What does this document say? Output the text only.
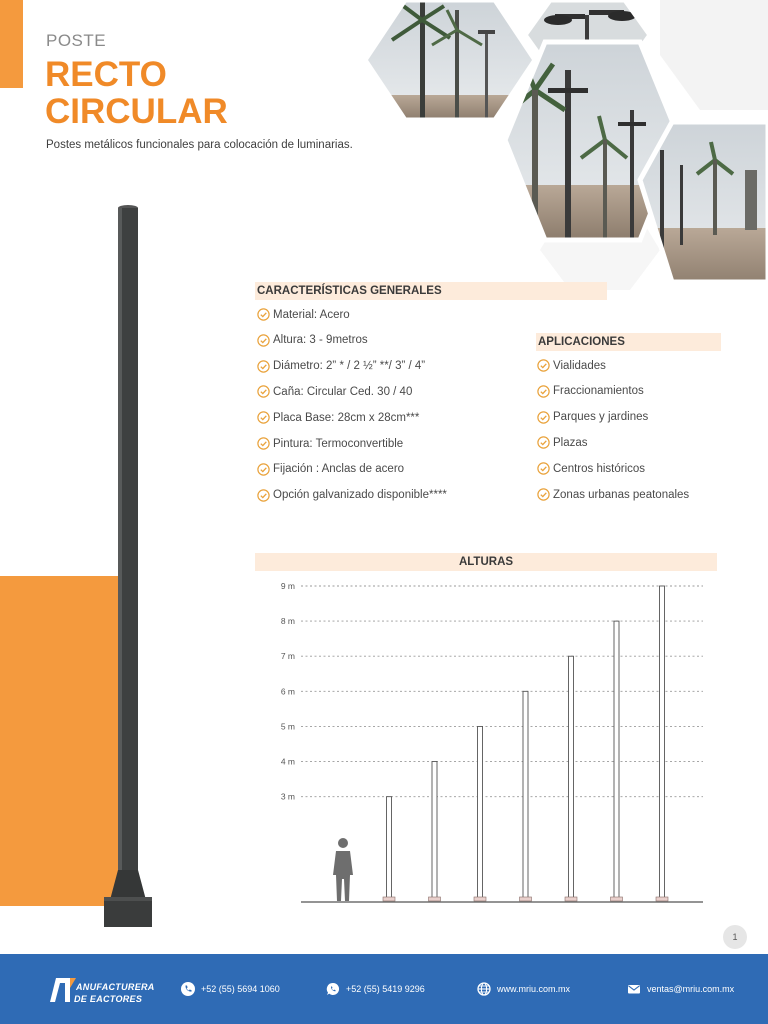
POSTE
RECTO
CIRCULAR
Postes metálicos funcionales para colocación de luminarias.
CARACTERÍSTICAS GENERALES
Material: Acero
Altura: 3 - 9metros
Diámetro: 2” * / 2 ½” **/ 3” / 4”
Caña: Circular Ced. 30 / 40
Placa Base: 28cm x 28cm***
Pintura: Termoconvertible
Fijación : Anclas de acero
Opción galvanizado disponible****
APLICACIONES
Vialidades
Fraccionamientos
Parques y jardines
Plazas
Centros históricos
Zonas urbanas peatonales
ALTURAS
3 m
4 m
5 m
6 m
7 m
8 m
9 m
1
ANUFACTURERA
DE EACTORES
+52 (55) 5694 1060	+52 (55) 5419 9296	www.mriu.com.mx	ventas@mriu.com.mx
